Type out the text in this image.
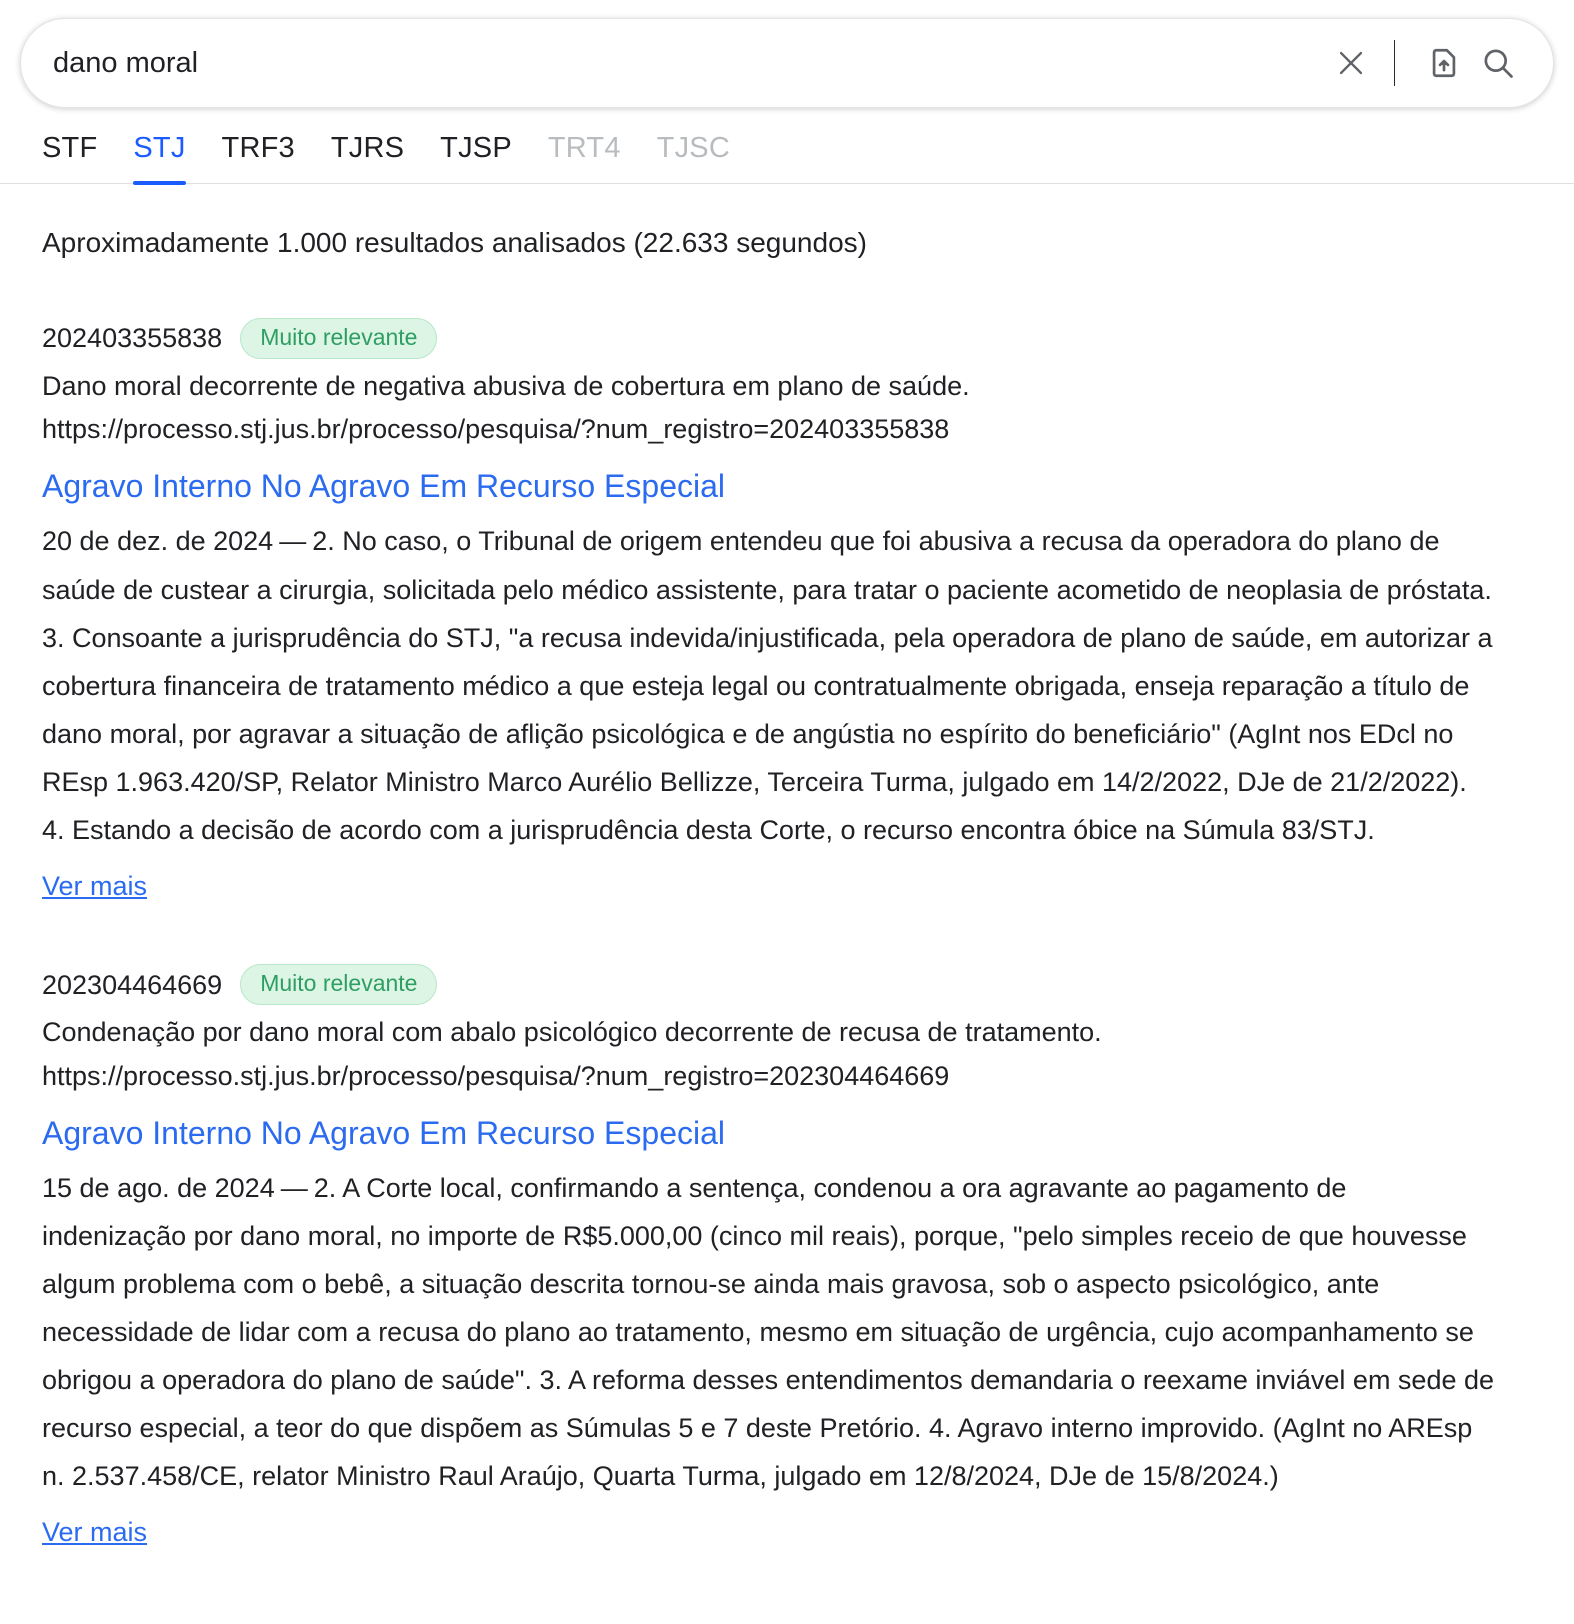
dano moral
STF	STJ	TRF3	TJRS	TJSP	TRT4	TJSC
Aproximadamente 1.000 resultados analisados (22.633 segundos)
202403355838	Muito relevante
Dano moral decorrente de negativa abusiva de cobertura em plano de saúde.
https://processo.stj.jus.br/processo/pesquisa/?num_registro=202403355838
Agravo Interno No Agravo Em Recurso Especial
20 de dez. de 2024 — 2. No caso, o Tribunal de origem entendeu que foi abusiva a recusa da operadora do plano de saúde de custear a cirurgia, solicitada pelo médico assistente, para tratar o paciente acometido de neoplasia de próstata. 3. Consoante a jurisprudência do STJ, "a recusa indevida/injustificada, pela operadora de plano de saúde, em autorizar a cobertura financeira de tratamento médico a que esteja legal ou contratualmente obrigada, enseja reparação a título de dano moral, por agravar a situação de aflição psicológica e de angústia no espírito do beneficiário" (AgInt nos EDcl no REsp 1.963.420/SP, Relator Ministro Marco Aurélio Bellizze, Terceira Turma, julgado em 14/2/2022, DJe de 21/2/2022). 4. Estando a decisão de acordo com a jurisprudência desta Corte, o recurso encontra óbice na Súmula 83/STJ.
Ver mais
202304464669	Muito relevante
Condenação por dano moral com abalo psicológico decorrente de recusa de tratamento.
https://processo.stj.jus.br/processo/pesquisa/?num_registro=202304464669
Agravo Interno No Agravo Em Recurso Especial
15 de ago. de 2024 — 2. A Corte local, confirmando a sentença, condenou a ora agravante ao pagamento de indenização por dano moral, no importe de R$5.000,00 (cinco mil reais), porque, "pelo simples receio de que houvesse algum problema com o bebê, a situação descrita tornou-se ainda mais gravosa, sob o aspecto psicológico, ante necessidade de lidar com a recusa do plano ao tratamento, mesmo em situação de urgência, cujo acompanhamento se obrigou a operadora do plano de saúde". 3. A reforma desses entendimentos demandaria o reexame inviável em sede de recurso especial, a teor do que dispõem as Súmulas 5 e 7 deste Pretório. 4. Agravo interno improvido. (AgInt no AREsp n. 2.537.458/CE, relator Ministro Raul Araújo, Quarta Turma, julgado em 12/8/2024, DJe de 15/8/2024.)
Ver mais
